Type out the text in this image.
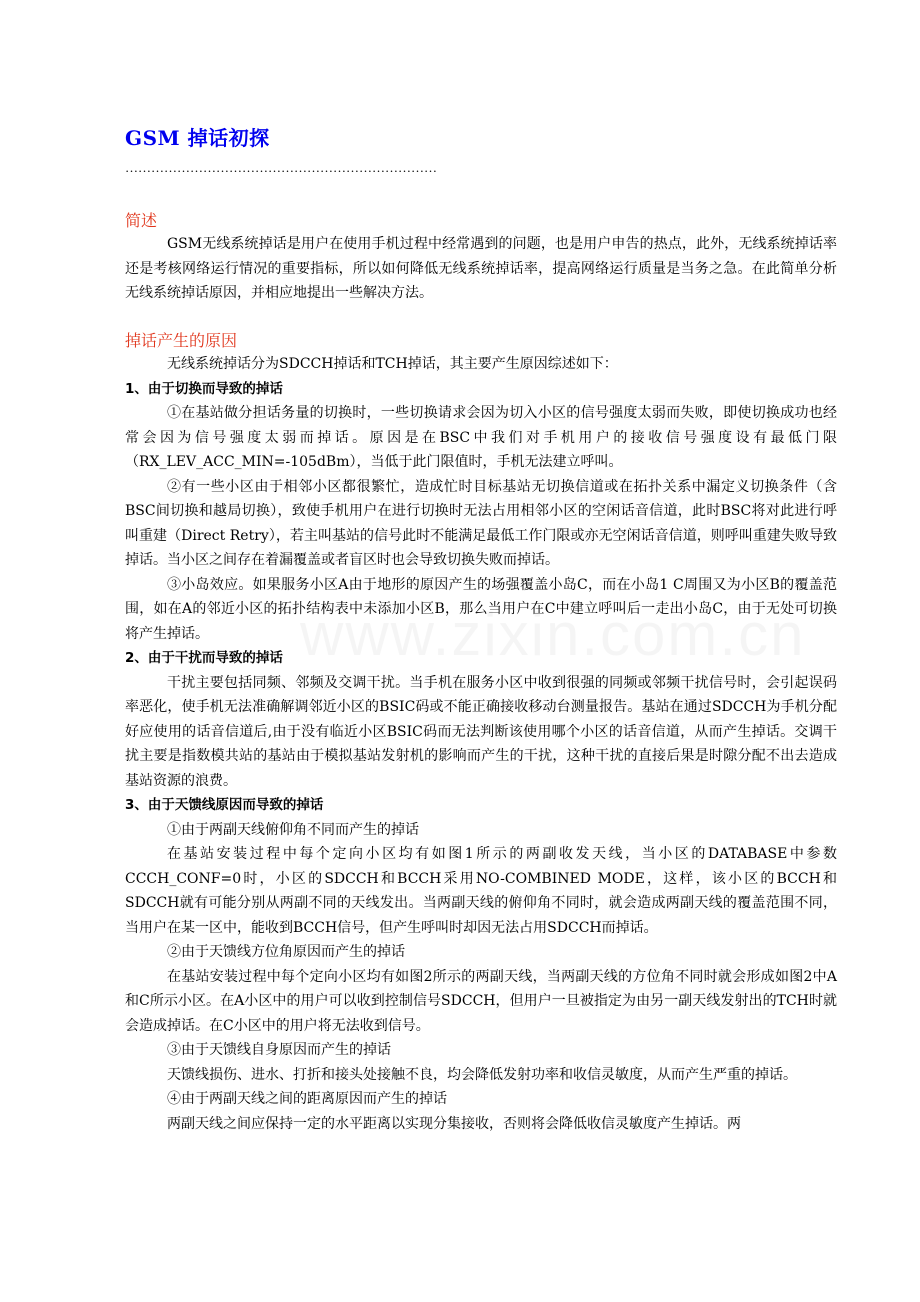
GSM 掉话初探
………………………………………………………………
简述

GSM无线系统掉话是用户在使用手机过程中经常遇到的问题，也是用户申告的热点，此外，无线系统掉话率还是考核网络运行情况的重要指标，所以如何降低无线系统掉话率，提高网络运行质量是当务之急。在此简单分析无线系统掉话原因，并相应地提出一些解决方法。

掉话产生的原因

无线系统掉话分为SDCCH掉话和TCH掉话，其主要产生原因综述如下：

1、由于切换而导致的掉话

①在基站做分担话务量的切换时，一些切换请求会因为切入小区的信号强度太弱而失败，即使切换成功也经常会因为信号强度太弱而掉话。原因是在BSC中我们对手机用户的接收信号强度设有最低门限（RX_LEV_ACC_MIN=-105dBm），当低于此门限值时，手机无法建立呼叫。

②有一些小区由于相邻小区都很繁忙，造成忙时目标基站无切换信道或在拓扑关系中漏定义切换条件（含BSC间切换和越局切换），致使手机用户在进行切换时无法占用相邻小区的空闲话音信道，此时BSC将对此进行呼叫重建（Direct Retry），若主叫基站的信号此时不能满足最低工作门限或亦无空闲话音信道，则呼叫重建失败导致掉话。当小区之间存在着漏覆盖或者盲区时也会导致切换失败而掉话。

③小岛效应。如果服务小区A由于地形的原因产生的场强覆盖小岛C，而在小岛1 C周围又为小区B的覆盖范围，如在A的邻近小区的拓扑结构表中未添加小区B，那么当用户在C中建立呼叫后一走出小岛C，由于无处可切换 将产生掉话。

2、由于干扰而导致的掉话

干扰主要包括同频、邻频及交调干扰。当手机在服务小区中收到很强的同频或邻频干扰信号时，会引起误码率恶化，使手机无法准确解调邻近小区的BSIC码或不能正确接收移动台测量报告。基站在通过SDCCH为手机分配好应使用的话音信道后,由于没有临近小区BSIC码而无法判断该使用哪个小区的话音信道，从而产生掉话。交调干扰主要是指数模共站的基站由于模拟基站发射机的影响而产生的干扰，这种干扰的直接后果是时隙分配不出去造成基站资源的浪费。

3、由于天馈线原因而导致的掉话

①由于两副天线俯仰角不同而产生的掉话

在基站安装过程中每个定向小区均有如图1所示的两副收发天线，当小区的DATABASE中参数CCCH_CONF=0时，小区的SDCCH和BCCH采用NO-COMBINED MODE，这样，该小区的BCCH和SDCCH就有可能分别从两副不同的天线发出。当两副天线的俯仰角不同时，就会造成两副天线的覆盖范围不同，当用户在某一区中，能收到BCCH信号，但产生呼叫时却因无法占用SDCCH而掉话。

②由于天馈线方位角原因而产生的掉话

在基站安装过程中每个定向小区均有如图2所示的两副天线，当两副天线的方位角不同时就会形成如图2中A和C所示小区。在A小区中的用户可以收到控制信号SDCCH，但用户一旦被指定为由另一副天线发射出的TCH时就会造成掉话。在C小区中的用户将无法收到信号。

③由于天馈线自身原因而产生的掉话

天馈线损伤、进水、打折和接头处接触不良，均会降低发射功率和收信灵敏度，从而产生严重的掉话。

④由于两副天线之间的距离原因而产生的掉话

两副天线之间应保持一定的水平距离以实现分集接收，否则将会降低收信灵敏度产生掉话。两
